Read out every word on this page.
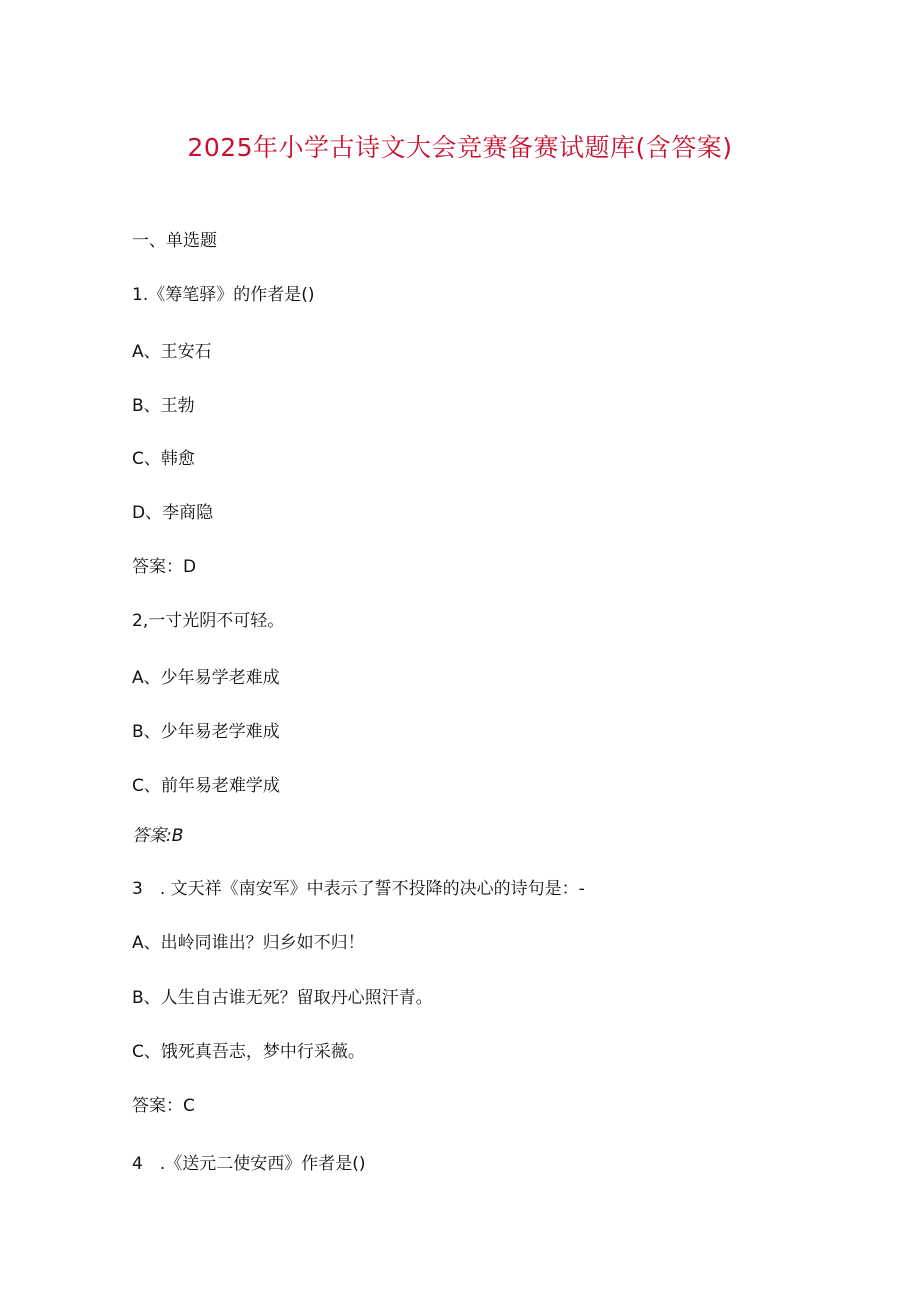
2025年小学古诗文大会竞赛备赛试题库(含答案)
一、单选题
1.《筹笔驿》的作者是()
A、王安石
B、王勃
C、韩愈
D、李商隐
答案：D
2,一寸光阴不可轻。
A、少年易学老难成
B、少年易老学难成
C、前年易老难学成
答案:B
3　. 文天祥《南安军》中表示了誓不投降的决心的诗句是：-
A、出岭同谁出？归乡如不归！
B、人生自古谁无死？留取丹心照汗青。
C、饿死真吾志，梦中行采薇。
答案：C
4　.《送元二使安西》作者是()
